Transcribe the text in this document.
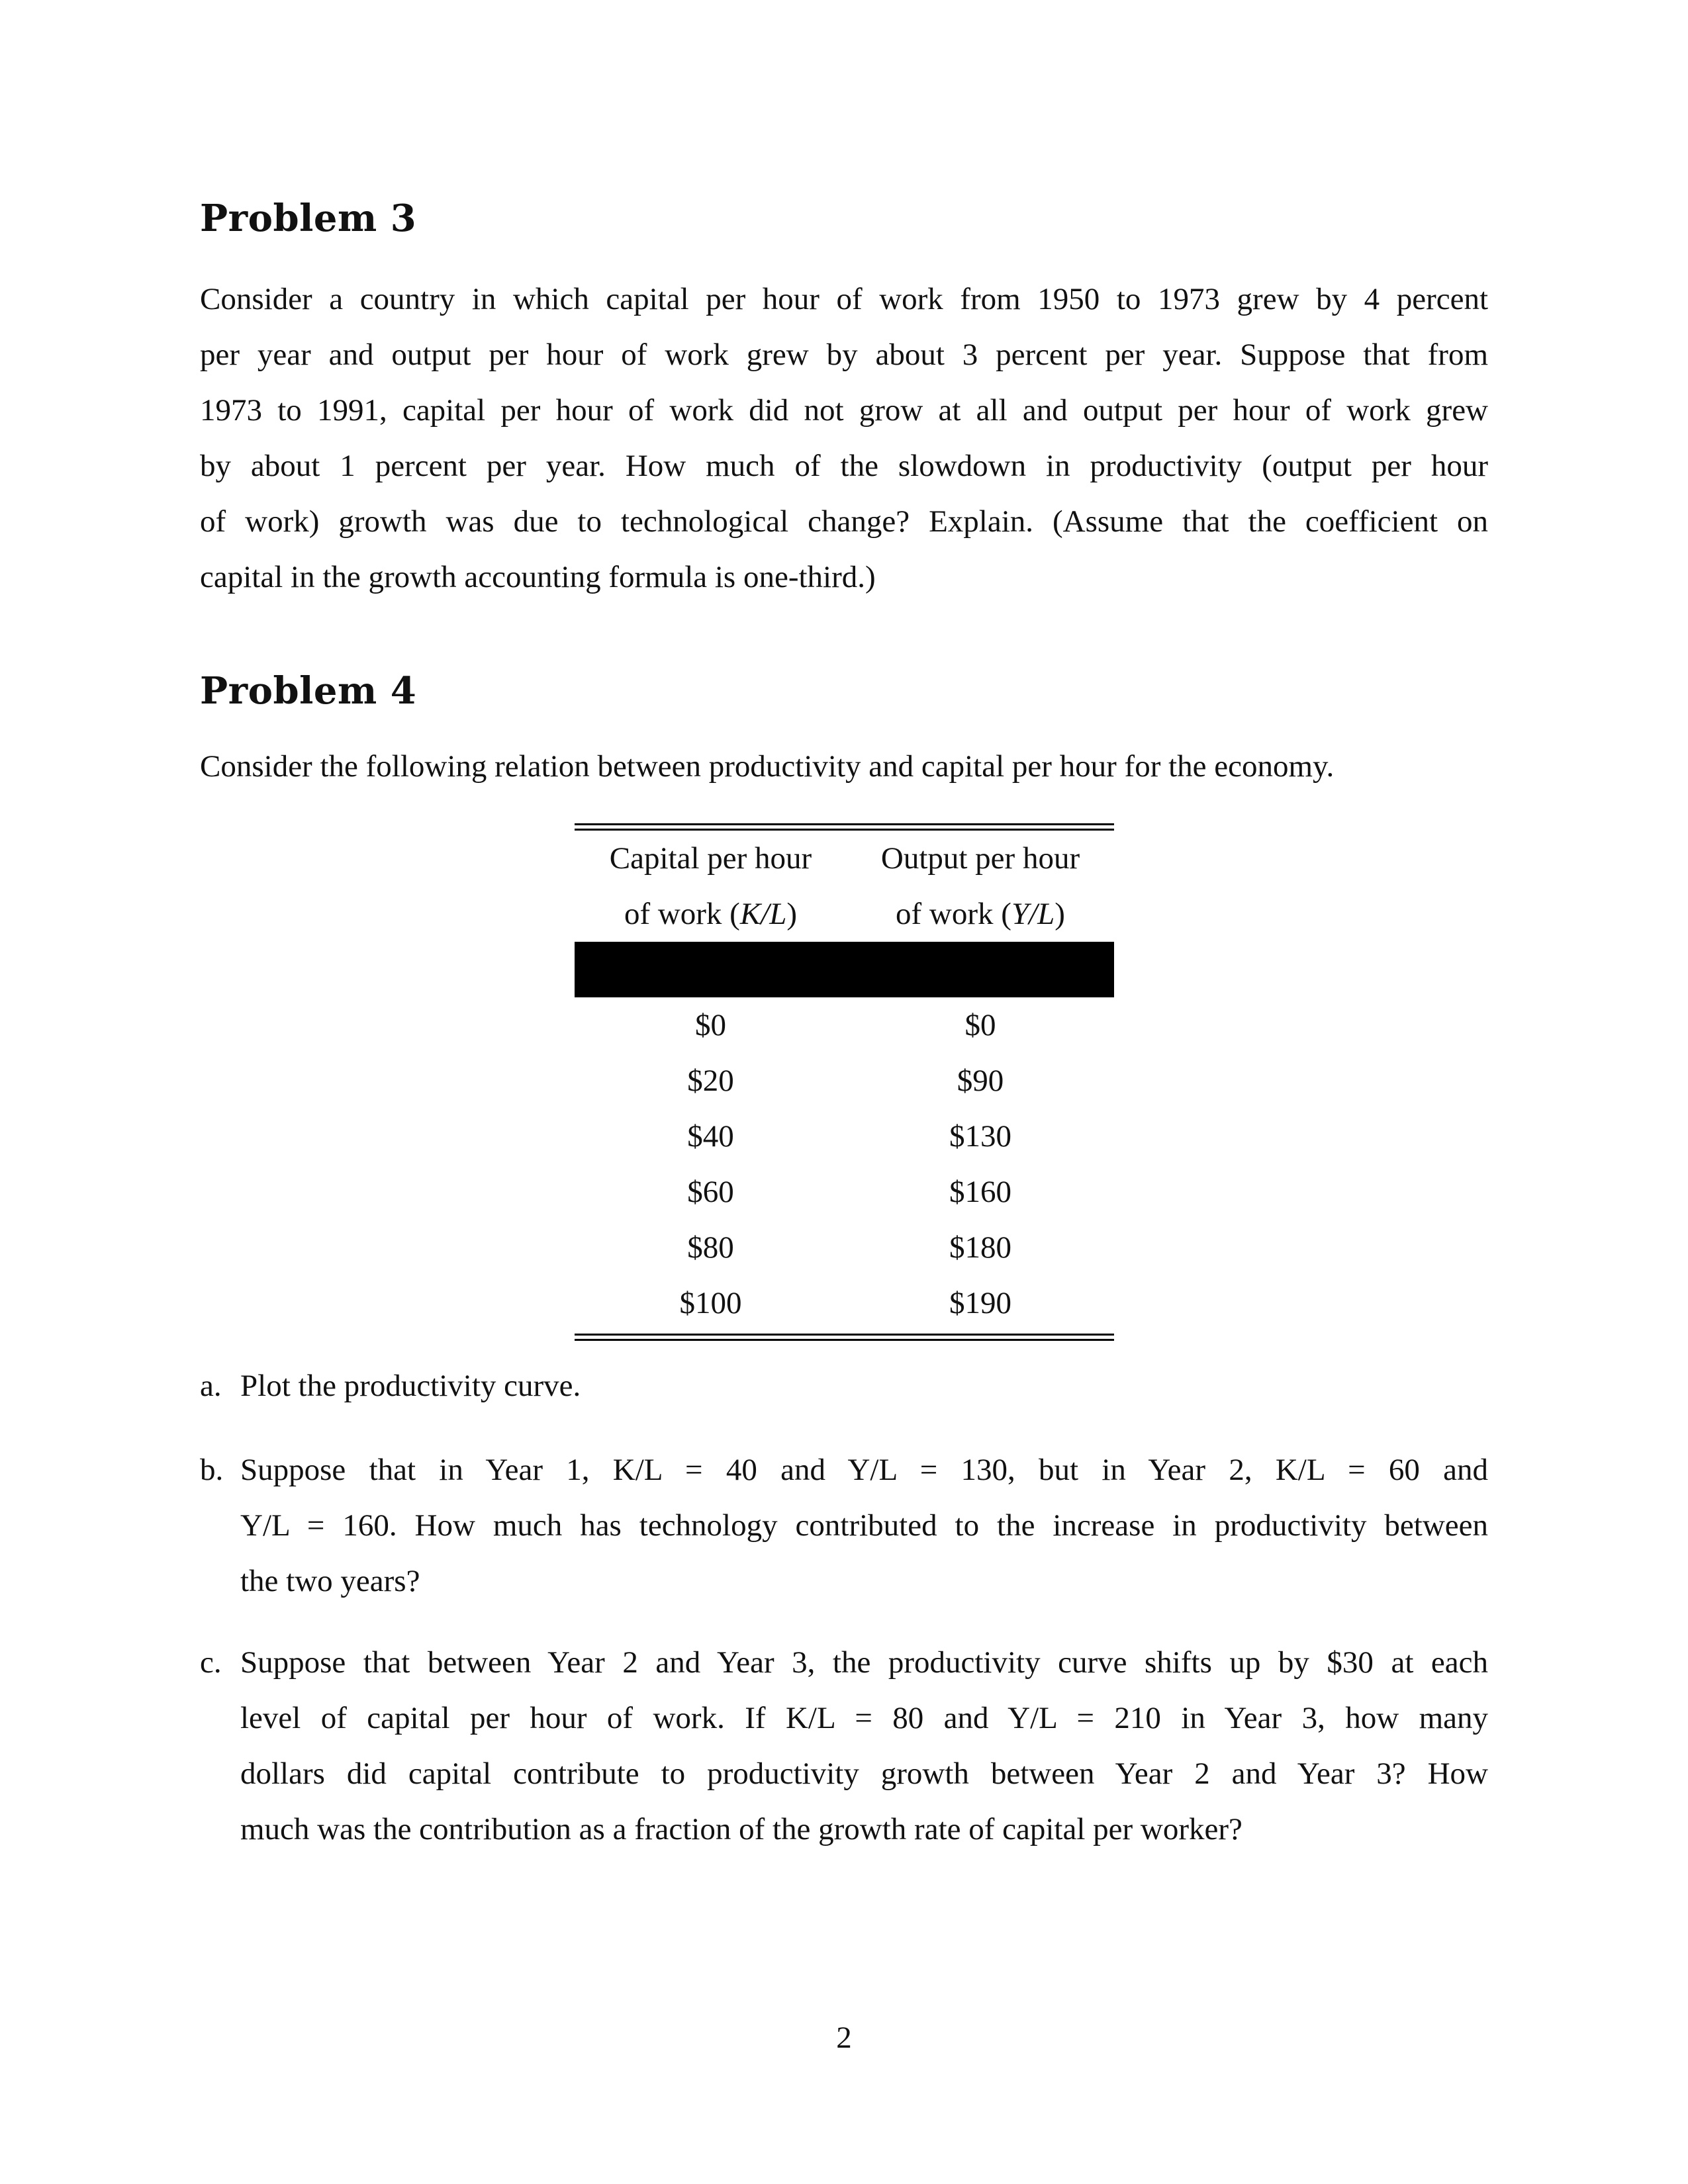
Problem 3
Consider a country in which capital per hour of work from 1950 to 1973 grew by 4 percent
per year and output per hour of work grew by about 3 percent per year. Suppose that from
1973 to 1991, capital per hour of work did not grow at all and output per hour of work grew
by about 1 percent per year. How much of the slowdown in productivity (output per hour
of work) growth was due to technological change? Explain. (Assume that the coefficient on
capital in the growth accounting formula is one-third.)
Problem 4
Consider the following relation between productivity and capital per hour for the economy.
Capital per hour	Output per hour
of work (K/L)	of work (Y/L)

$0	$0
$20	$90
$40	$130
$60	$160
$80	$180
$100	$190
a. Plot the productivity curve.
b. Suppose that in Year 1, K/L = 40 and Y/L = 130, but in Year 2, K/L = 60 and
Y/L = 160. How much has technology contributed to the increase in productivity between
the two years?
c. Suppose that between Year 2 and Year 3, the productivity curve shifts up by $30 at each
level of capital per hour of work. If K/L = 80 and Y/L = 210 in Year 3, how many
dollars did capital contribute to productivity growth between Year 2 and Year 3? How
much was the contribution as a fraction of the growth rate of capital per worker?
2
